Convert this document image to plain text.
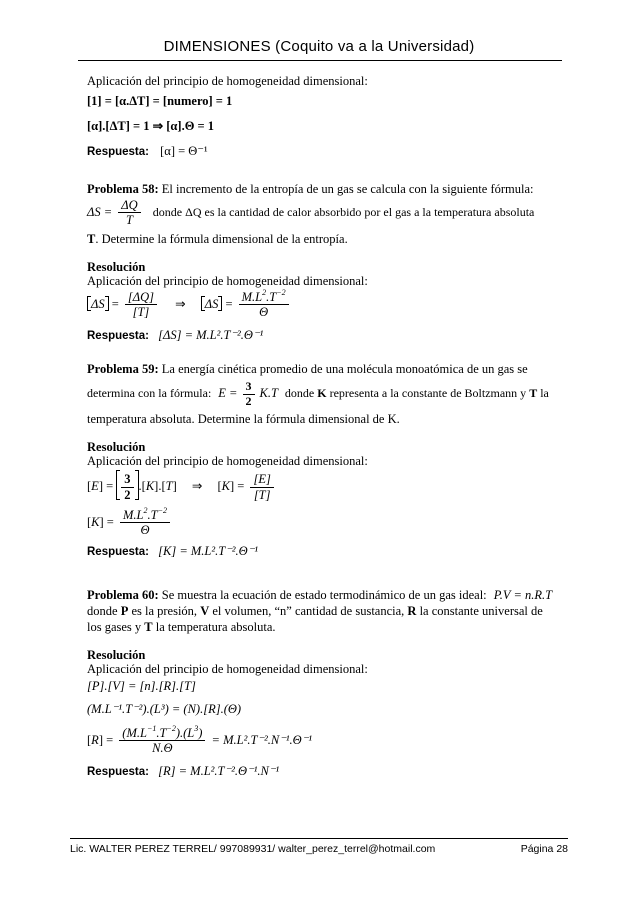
DIMENSIONES (Coquito va a la Universidad)
Aplicación del principio de homogeneidad dimensional:
[1] = [α.ΔT] = [numero] = 1
[α].[ΔT] = 1 ⇒ [α].Θ = 1
Respuesta: [α] = Θ⁻¹
Problema 58: El incremento de la entropía de un gas se calcula con la siguiente fórmula:
$\Delta S = \frac{\Delta Q}{T}$ donde ΔQ es la cantidad de calor absorbido por el gas a la temperatura absoluta
T. Determine la fórmula dimensional de la entropía.
Resolución
Aplicación del principio de homogeneidad dimensional:
$\Delta S = \frac{[\Delta Q]}{[T]}$ ⇒ $\Delta S = \frac{M.L^2.T^{-2}}{\Theta}$
Respuesta: [ΔS] = M.L².T⁻².Θ⁻¹
Problema 59: La energía cinética promedio de una molécula monoatómica de un gas se
determina con la fórmula: $E = \frac{3}{2} K.T$ donde K representa a la constante de Boltzmann y T la
temperatura absoluta. Determine la fórmula dimensional de K.
Resolución
Aplicación del principio de homogeneidad dimensional:
$[E] = \frac{3}{2} .[K].[T]$ ⇒ $[K] = \frac{[E]}{[T]}$
$[K] = \frac{M.L^2.T^{-2}}{\Theta}$
Respuesta: [K] = M.L².T⁻².Θ⁻¹
Problema 60: Se muestra la ecuación de estado termodinámico de un gas ideal: P.V = n.R.T
donde P es la presión, V el volumen, “n” cantidad de sustancia, R la constante universal de
los gases y T la temperatura absoluta.
Resolución
Aplicación del principio de homogeneidad dimensional:
[P].[V] = [n].[R].[T]
(M.L⁻¹.T⁻²).(L³) = (N).[R].(Θ)
$[R] = \frac{(M.L^{-1}.T^{-2}).(L^3)}{N.\Theta} = M.L^2.T^{-2}.N^{-1}.\Theta^{-1}$
Respuesta: [R] = M.L².T⁻².Θ⁻¹.N⁻¹
Lic. WALTER PEREZ TERREL/ 997089931/ walter_perez_terrel@hotmail.com	Página 28
